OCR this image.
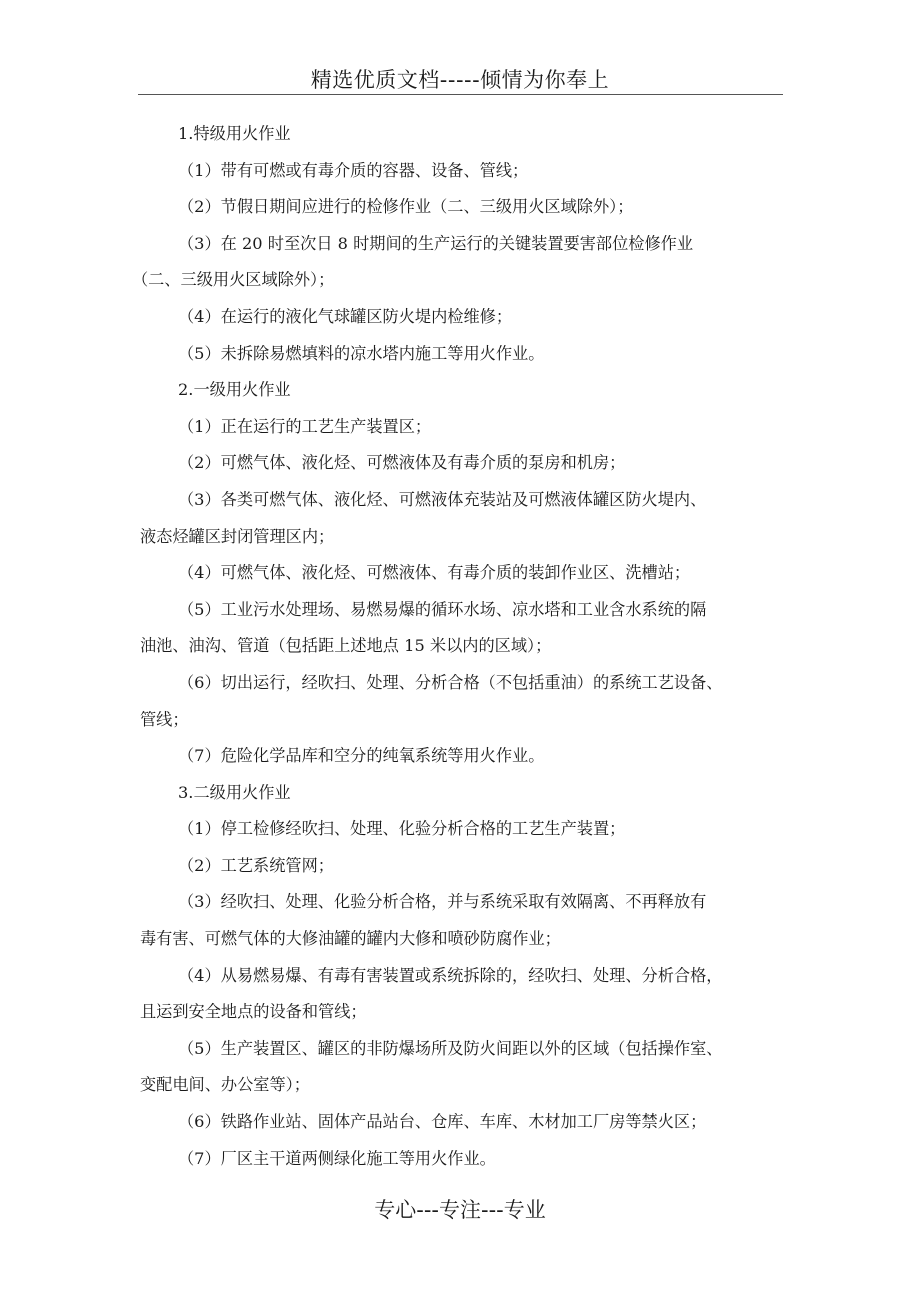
精选优质文档-----倾情为你奉上

1.特级用火作业

（1）带有可燃或有毒介质的容器、设备、管线；

（2）节假日期间应进行的检修作业（二、三级用火区域除外）；

（3）在 20 时至次日 8 时期间的生产运行的关键装置要害部位检修作业

（二、三级用火区域除外）；

（4）在运行的液化气球罐区防火堤内检维修；

（5）未拆除易燃填料的凉水塔内施工等用火作业。

2.一级用火作业

（1）正在运行的工艺生产装置区；

（2）可燃气体、液化烃、可燃液体及有毒介质的泵房和机房；

（3）各类可燃气体、液化烃、可燃液体充装站及可燃液体罐区防火堤内、

液态烃罐区封闭管理区内；

（4）可燃气体、液化烃、可燃液体、有毒介质的装卸作业区、洗槽站；

（5）工业污水处理场、易燃易爆的循环水场、凉水塔和工业含水系统的隔

油池、油沟、管道（包括距上述地点 15 米以内的区域）；

（6）切出运行，经吹扫、处理、分析合格（不包括重油）的系统工艺设备、

管线；

（7）危险化学品库和空分的纯氧系统等用火作业。

3.二级用火作业

（1）停工检修经吹扫、处理、化验分析合格的工艺生产装置；

（2）工艺系统管网；

（3）经吹扫、处理、化验分析合格，并与系统采取有效隔离、不再释放有

毒有害、可燃气体的大修油罐的罐内大修和喷砂防腐作业；

（4）从易燃易爆、有毒有害装置或系统拆除的，经吹扫、处理、分析合格，

且运到安全地点的设备和管线；

（5）生产装置区、罐区的非防爆场所及防火间距以外的区域（包括操作室、

变配电间、办公室等）；

（6）铁路作业站、固体产品站台、仓库、车库、木材加工厂房等禁火区；

（7）厂区主干道两侧绿化施工等用火作业。

专心---专注---专业
